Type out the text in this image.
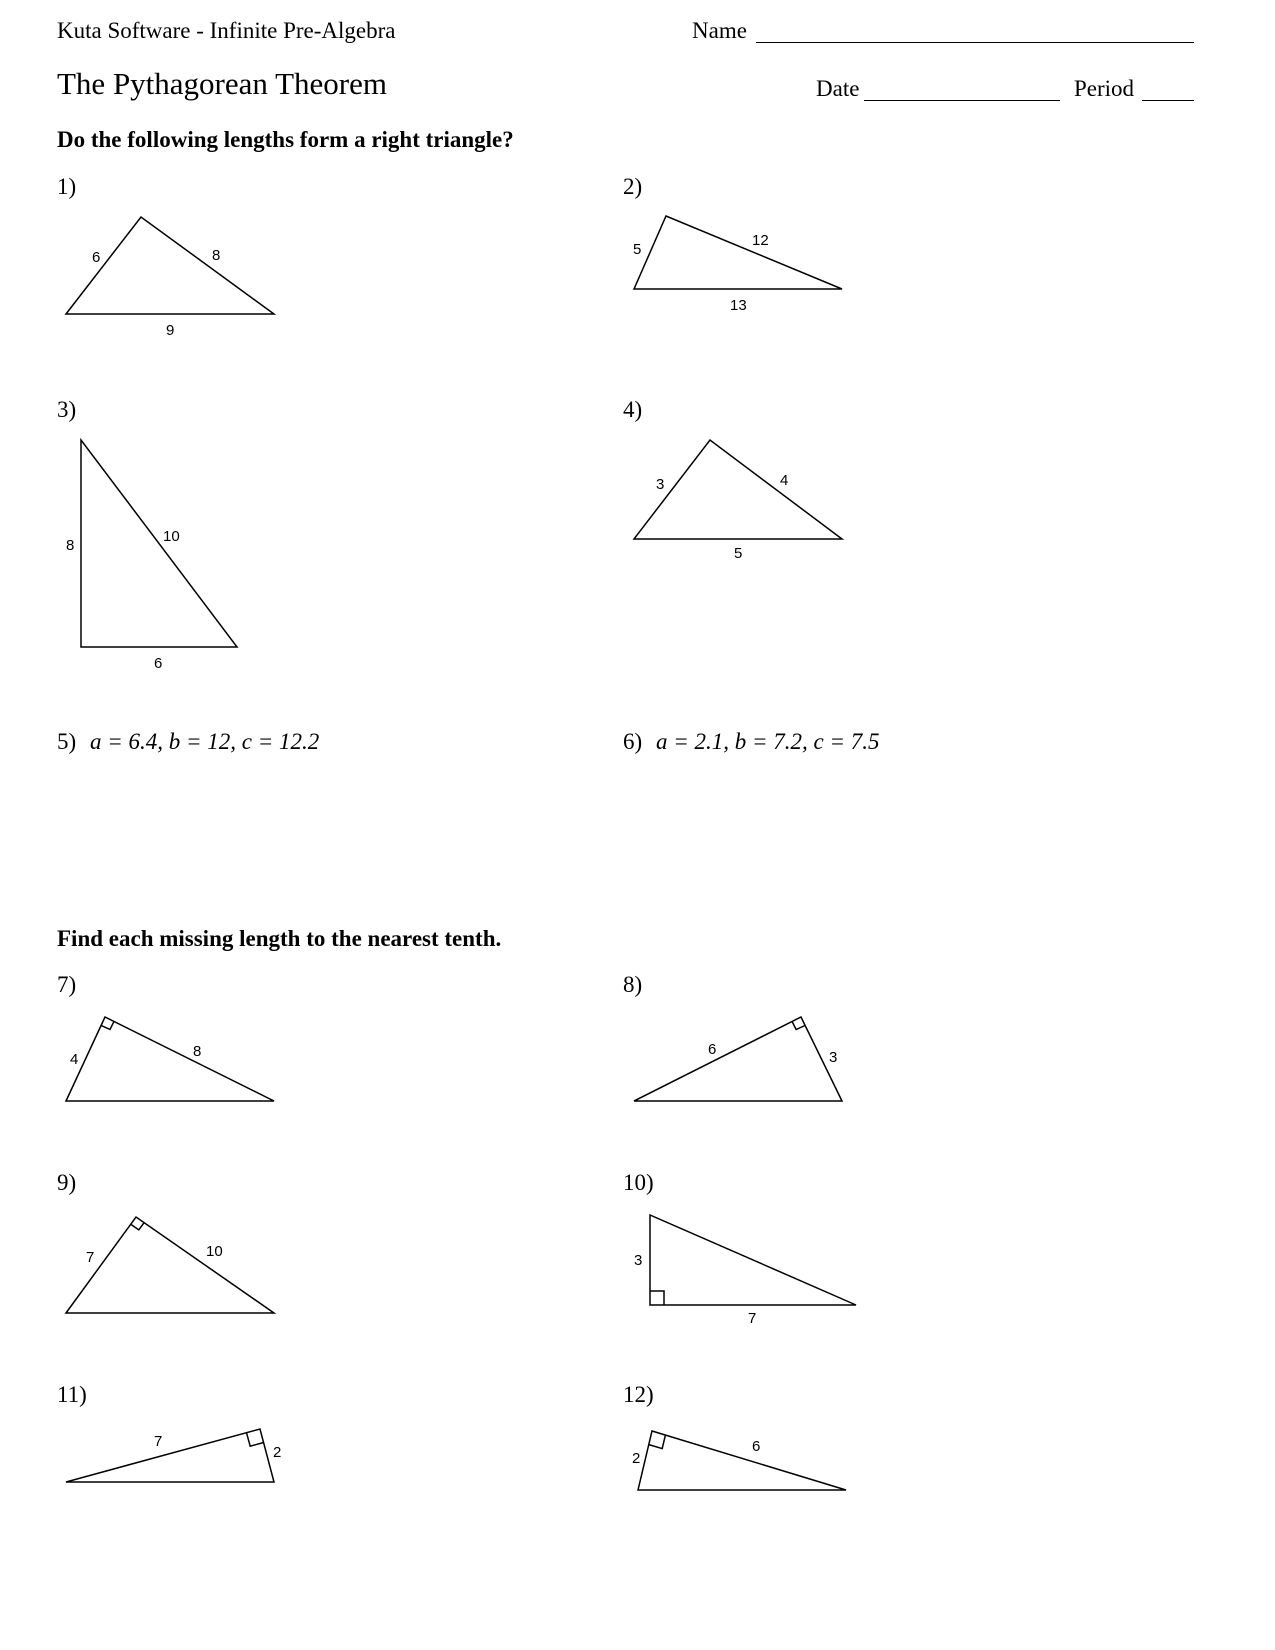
Kuta Software - Infinite Pre-Algebra	Name
The Pythagorean Theorem	Date	Period
Do the following lengths form a right triangle?
1)	2)
3)	4)
5) a = 6.4, b = 12, c = 12.2	6) a = 2.1, b = 7.2, c = 7.5
Find each missing length to the nearest tenth.
7)	8)
9)	10)
11)	12)
6	8
9
5
12
13
8
10
6
3	4
5
4	8	6	3
7	10
3
7
7
2	2
6
